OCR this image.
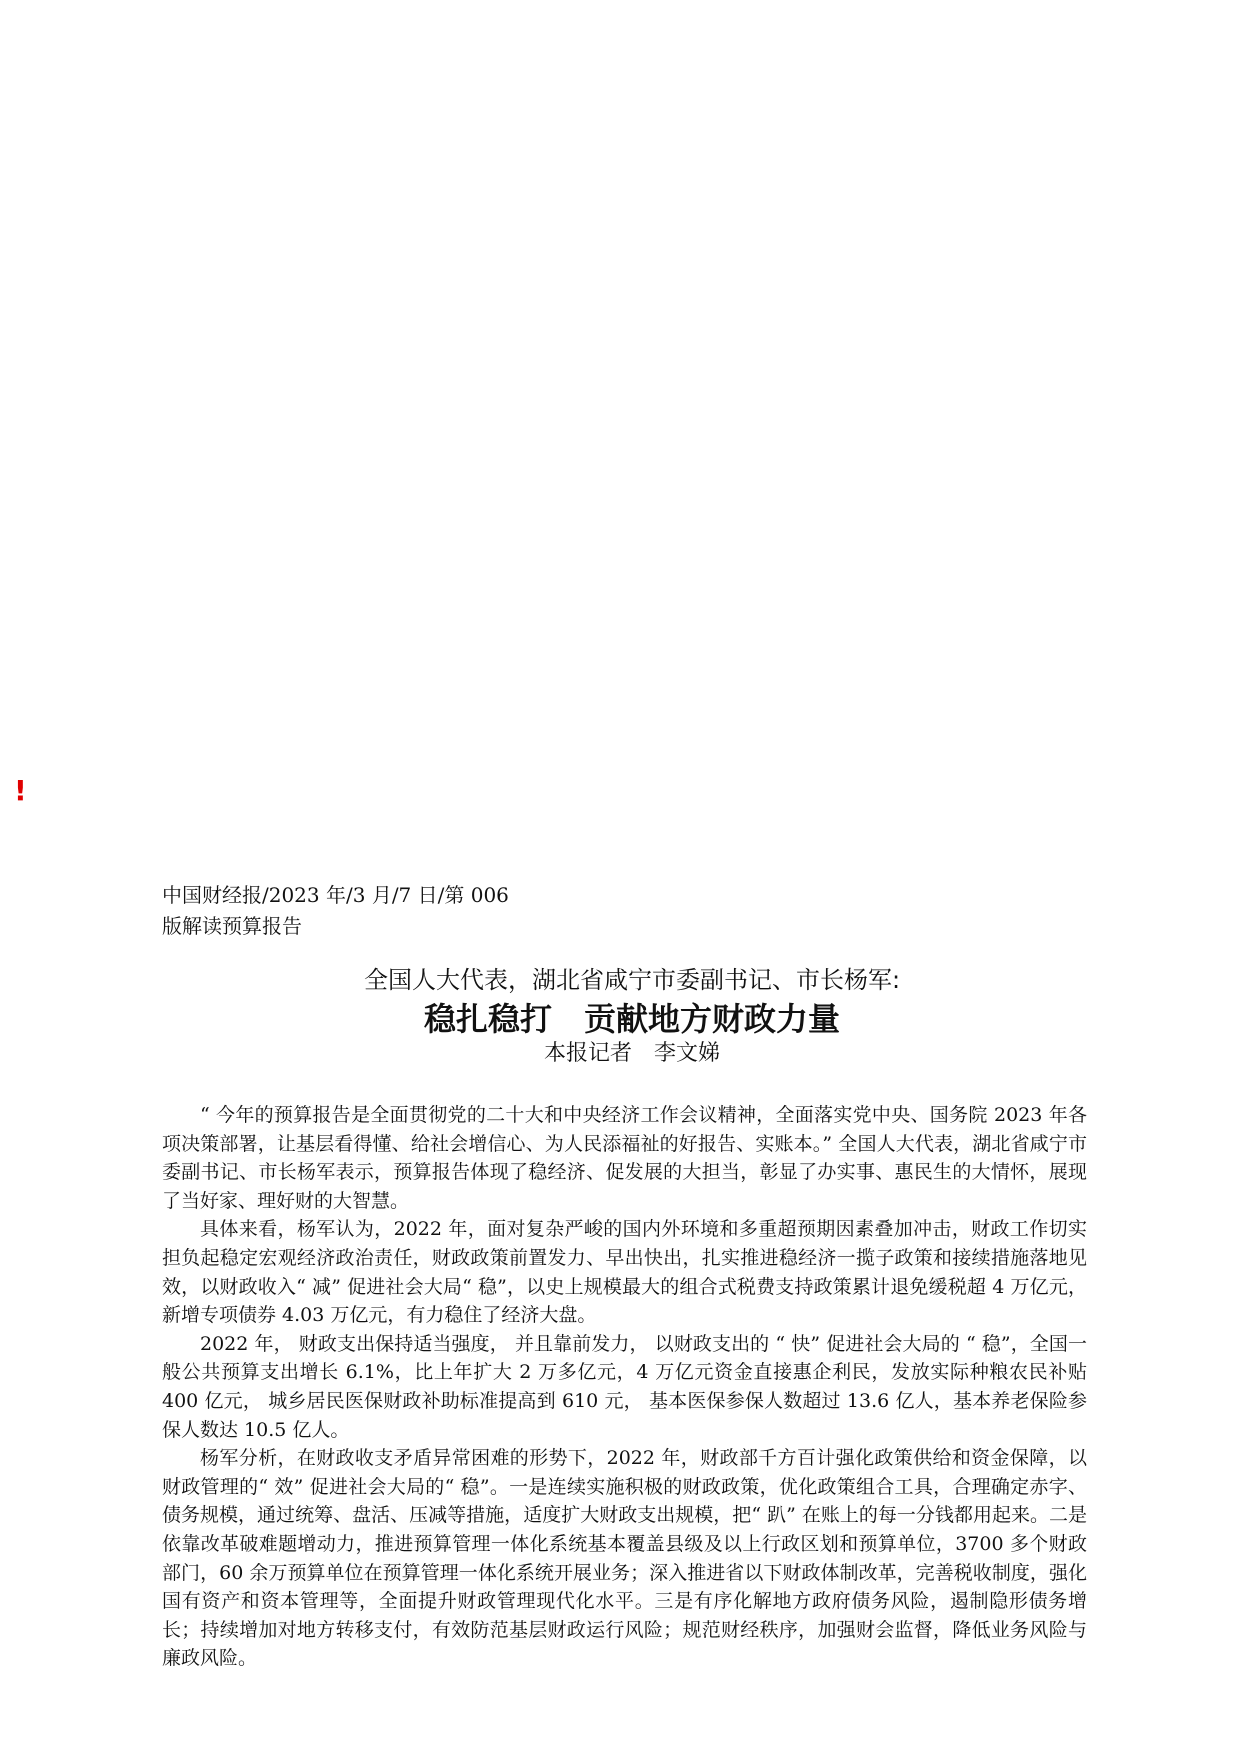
!
中国财经报/2023 年/3 月/7 日/第 006
版解读预算报告
全国人大代表，湖北省咸宁市委副书记、市长杨军:
稳扎稳打　贡献地方财政力量
本报记者　李文娣

“ 今年的预算报告是全面贯彻党的二十大和中央经济工作会议精神，全面落实党中央、国务院 2023 年各项决策部署，让基层看得懂、给社会增信心、为人民添福祉的好报告、实账本。” 全国人大代表，湖北省咸宁市委副书记、市长杨军表示，预算报告体现了稳经济、促发展的大担当，彰显了办实事、惠民生的大情怀，展现了当好家、理好财的大智慧。

具体来看，杨军认为，2022 年，面对复杂严峻的国内外环境和多重超预期因素叠加冲击，财政工作切实担负起稳定宏观经济政治责任，财政政策前置发力、早出快出，扎实推进稳经济一揽子政策和接续措施落地见效，以财政收入“ 减” 促进社会大局“ 稳”，以史上规模最大的组合式税费支持政策累计退免缓税超 4 万亿元，新增专项债券 4.03 万亿元，有力稳住了经济大盘。

2022 年， 财政支出保持适当强度， 并且靠前发力， 以财政支出的 “ 快” 促进社会大局的 “ 稳”，全国一般公共预算支出增长 6.1%，比上年扩大 2 万多亿元，4 万亿元资金直接惠企利民，发放实际种粮农民补贴 400 亿元， 城乡居民医保财政补助标准提高到 610 元， 基本医保参保人数超过 13.6 亿人，基本养老保险参保人数达 10.5 亿人。

杨军分析，在财政收支矛盾异常困难的形势下，2022 年，财政部千方百计强化政策供给和资金保障，以财政管理的“ 效” 促进社会大局的“ 稳”。一是连续实施积极的财政政策，优化政策组合工具，合理确定赤字、债务规模，通过统筹、盘活、压减等措施，适度扩大财政支出规模，把“ 趴” 在账上的每一分钱都用起来。二是依靠改革破难题增动力，推进预算管理一体化系统基本覆盖县级及以上行政区划和预算单位，3700 多个财政部门，60 余万预算单位在预算管理一体化系统开展业务；深入推进省以下财政体制改革，完善税收制度，强化国有资产和资本管理等，全面提升财政管理现代化水平。三是有序化解地方政府债务风险，遏制隐形债务增长；持续增加对地方转移支付，有效防范基层财政运行风险；规范财经秩序，加强财会监督，降低业务风险与廉政风险。
